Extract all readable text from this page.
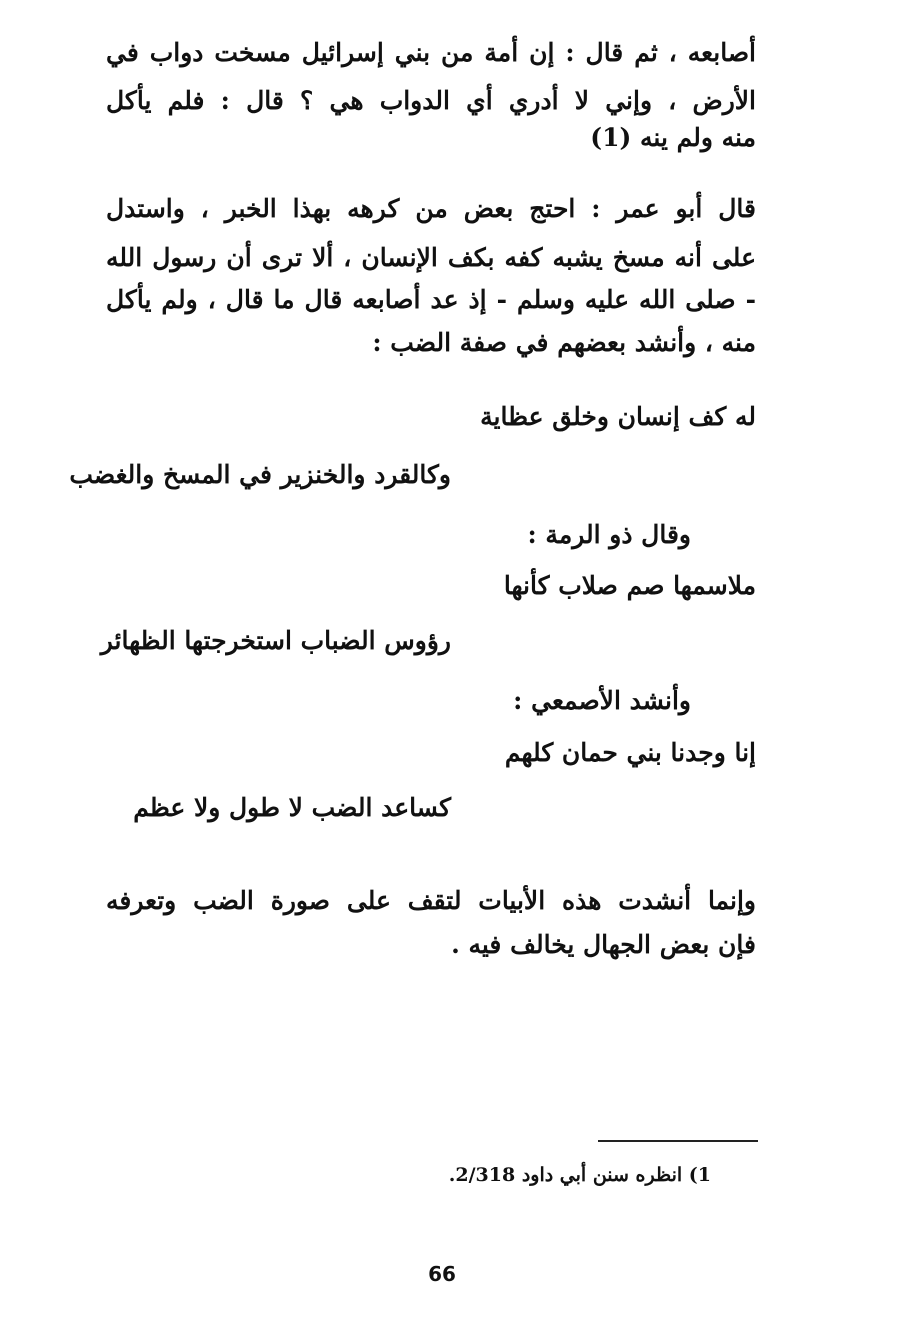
أصابعه ، ثم قال : إن أمة من بني إسرائيل مسخت دواب في
الأرض ، وإني لا أدري أي الدواب هي ؟ قال : فلم يأكل
منه ولم ينه (1)
قال أبو عمر : احتج بعض من كرهه بهذا الخبر ، واستدل
على أنه مسخ يشبه كفه بكف الإنسان ، ألا ترى أن رسول الله
- صلى الله عليه وسلم - إذ عد أصابعه قال ما قال ، ولم يأكل
منه ، وأنشد بعضهم في صفة الضب :
له كف إنسان وخلق عظاية
وكالقرد والخنزير في المسخ والغضب
وقال ذو الرمة :
ملاسمها صم صلاب كأنها
رؤوس الضباب استخرجتها الظهائر
وأنشد الأصمعي :
إنا وجدنا بني حمان كلهم
كساعد الضب لا طول ولا عظم
وإنما أنشدت هذه الأبيات لتقف على صورة الضب وتعرفه
فإن بعض الجهال يخالف فيه .
1) انظره سنن أبي داود 2/318.
66
